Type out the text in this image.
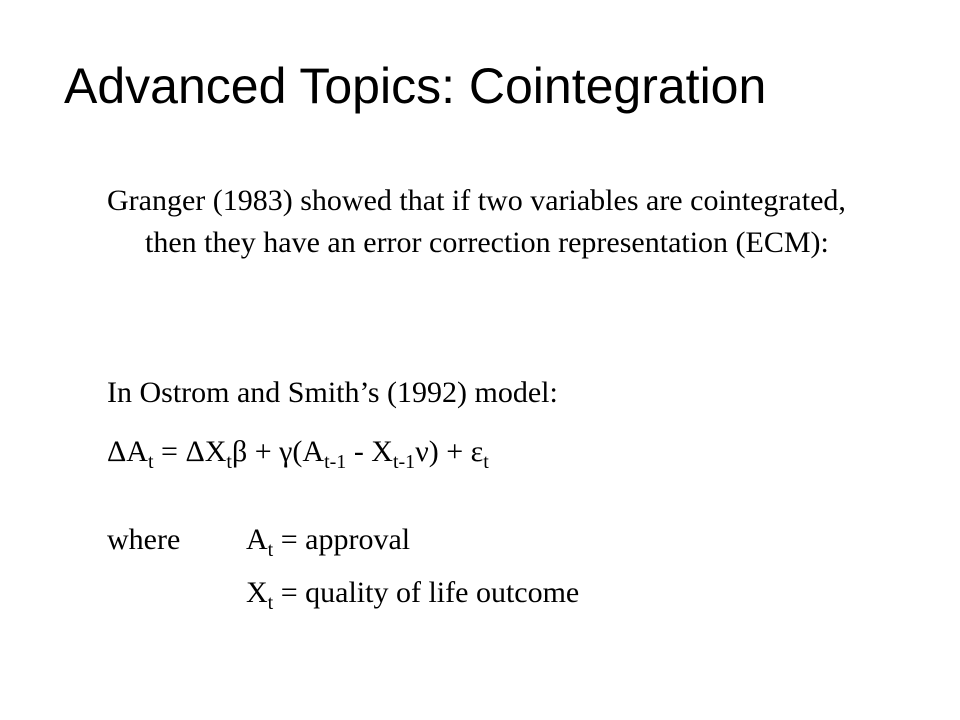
Advanced Topics: Cointegration

Granger (1983) showed that if two variables are cointegrated, then they have an error correction representation (ECM):

In Ostrom and Smith’s (1992) model:

$\Delta A_t = \Delta X_t\beta + \gamma(A_{t-1} - X_{t-1}\nu) + \varepsilon_t$

where $A_t$ = approval

$X_t$ = quality of life outcome
